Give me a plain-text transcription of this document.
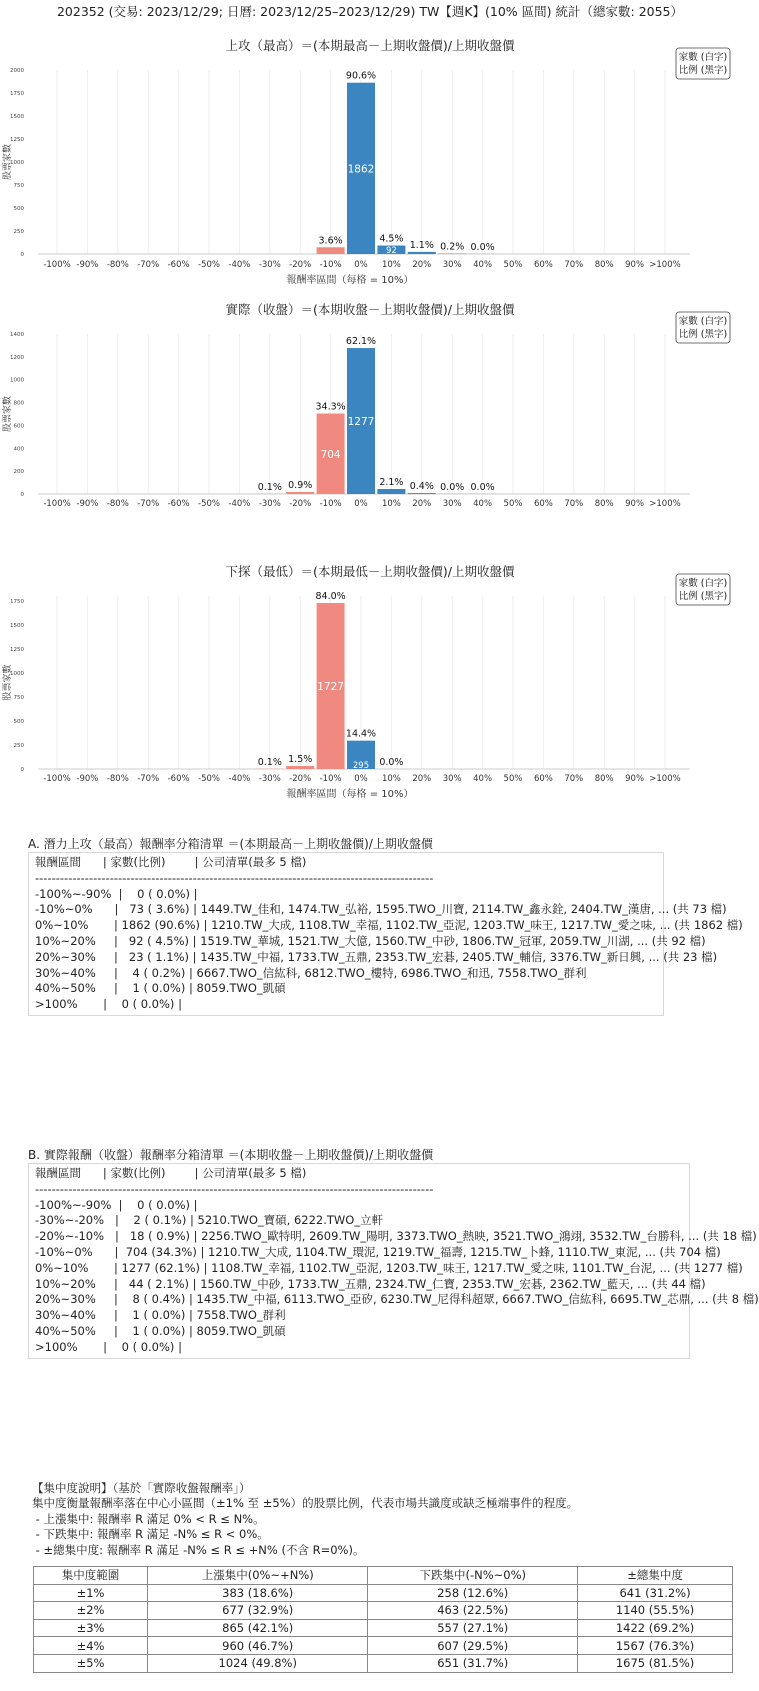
202352 (交易: 2023/12/29; 日曆: 2023/12/25–2023/12/29) TW【週K】(10% 區間) 統計（總家數: 2055）
上攻（最高）＝(本期最高－上期收盤價)/上期收盤價
0
250
500
750
1000
1250
1500
1750
2000
股票家數
-100% -90% -80% -70% -60% -50% -40% -30% -20%
3.6%
-10%
1862
90.6%
0%
92
4.5%
10%
1.1%
20%
0.2%
30%
0.0%
40% 50% 60% 70% 80% 90% >100%
報酬率區間（每格 = 10%）
家數 (白字)
比例 (黑字)
實際（收盤）＝(本期收盤－上期收盤價)/上期收盤價
0
200
400
600
800
1000
1200
1400
股票家數
-100% -90% -80% -70% -60% -50% -40%
0.1%
-30%
0.9%
-20%
704
34.3%
-10%
1277
62.1%
0%
2.1%
10%
0.4%
20%
0.0%
30%
0.0%
40% 50% 60% 70% 80% 90% >100%
家數 (白字)
比例 (黑字)
下探（最低）＝(本期最低－上期收盤價)/上期收盤價
0
250
500
750
1000
1250
1500
1750
股票家數
-100% -90% -80% -70% -60% -50% -40%
0.1%
-30%
1.5%
-20%
1727
84.0%
-10%
295
14.4%
0%
0.0%
10% 20% 30% 40% 50% 60% 70% 80% 90% >100%
報酬率區間（每格 = 10%）
家數 (白字)
比例 (黑字)
A. 潛力上攻（最高）報酬率分箱清單 ＝(本期最高－上期收盤價)/上期收盤價
報酬區間      | 家數(比例)        | 公司清單(最多 5 檔)
------------------------------------------------------------------------------------------------
-100%~-90%  |    0 ( 0.0%) |
-10%~0%      |   73 ( 3.6%) | 1449.TW_佳和, 1474.TW_弘裕, 1595.TWO_川寶, 2114.TW_鑫永銓, 2404.TW_漢唐, ... (共 73 檔)
0%~10%       | 1862 (90.6%) | 1210.TW_大成, 1108.TW_幸福, 1102.TW_亞泥, 1203.TW_味王, 1217.TW_愛之味, ... (共 1862 檔)
10%~20%     |   92 ( 4.5%) | 1519.TW_華城, 1521.TW_大億, 1560.TW_中砂, 1806.TW_冠軍, 2059.TW_川湖, ... (共 92 檔)
20%~30%     |   23 ( 1.1%) | 1435.TW_中福, 1733.TW_五鼎, 2353.TW_宏碁, 2405.TW_輔信, 3376.TW_新日興, ... (共 23 檔)
30%~40%     |    4 ( 0.2%) | 6667.TWO_信紘科, 6812.TWO_樓特, 6986.TWO_和迅, 7558.TWO_群利
40%~50%     |    1 ( 0.0%) | 8059.TWO_凱碩
>100%       |    0 ( 0.0%) |
B. 實際報酬（收盤）報酬率分箱清單 ＝(本期收盤－上期收盤價)/上期收盤價
報酬區間      | 家數(比例)        | 公司清單(最多 5 檔)
------------------------------------------------------------------------------------------------
-100%~-90%  |    0 ( 0.0%) |
-30%~-20%   |    2 ( 0.1%) | 5210.TWO_寶碩, 6222.TWO_立軒
-20%~-10%   |   18 ( 0.9%) | 2256.TWO_歐特明, 2609.TW_陽明, 3373.TWO_熱映, 3521.TWO_鴻翊, 3532.TW_台勝科, ... (共 18 檔)
-10%~0%      |  704 (34.3%) | 1210.TW_大成, 1104.TW_環泥, 1219.TW_福壽, 1215.TW_卜蜂, 1110.TW_東泥, ... (共 704 檔)
0%~10%       | 1277 (62.1%) | 1108.TW_幸福, 1102.TW_亞泥, 1203.TW_味王, 1217.TW_愛之味, 1101.TW_台泥, ... (共 1277 檔)
10%~20%     |   44 ( 2.1%) | 1560.TW_中砂, 1733.TW_五鼎, 2324.TW_仁寶, 2353.TW_宏碁, 2362.TW_藍天, ... (共 44 檔)
20%~30%     |    8 ( 0.4%) | 1435.TW_中福, 6113.TWO_亞矽, 6230.TW_尼得科超眾, 6667.TWO_信紘科, 6695.TW_芯鼎, ... (共 8 檔)
30%~40%     |    1 ( 0.0%) | 7558.TWO_群利
40%~50%     |    1 ( 0.0%) | 8059.TWO_凱碩
>100%       |    0 ( 0.0%) |
【集中度說明】（基於「實際收盤報酬率」）
集中度衡量報酬率落在中心小區間（±1% 至 ±5%）的股票比例，代表市場共識度或缺乏極端事件的程度。
- 上漲集中: 報酬率 R 滿足 0% < R ≤ N%。
- 下跌集中: 報酬率 R 滿足 -N% ≤ R < 0%。
- ±總集中度: 報酬率 R 滿足 -N% ≤ R ≤ +N% (不含 R=0%)。
集中度範圍	上漲集中(0%~+N%)	下跌集中(-N%~0%)	±總集中度
±1%	383 (18.6%)	258 (12.6%)	641 (31.2%)
±2%	677 (32.9%)	463 (22.5%)	1140 (55.5%)
±3%	865 (42.1%)	557 (27.1%)	1422 (69.2%)
±4%	960 (46.7%)	607 (29.5%)	1567 (76.3%)
±5%	1024 (49.8%)	651 (31.7%)	1675 (81.5%)
